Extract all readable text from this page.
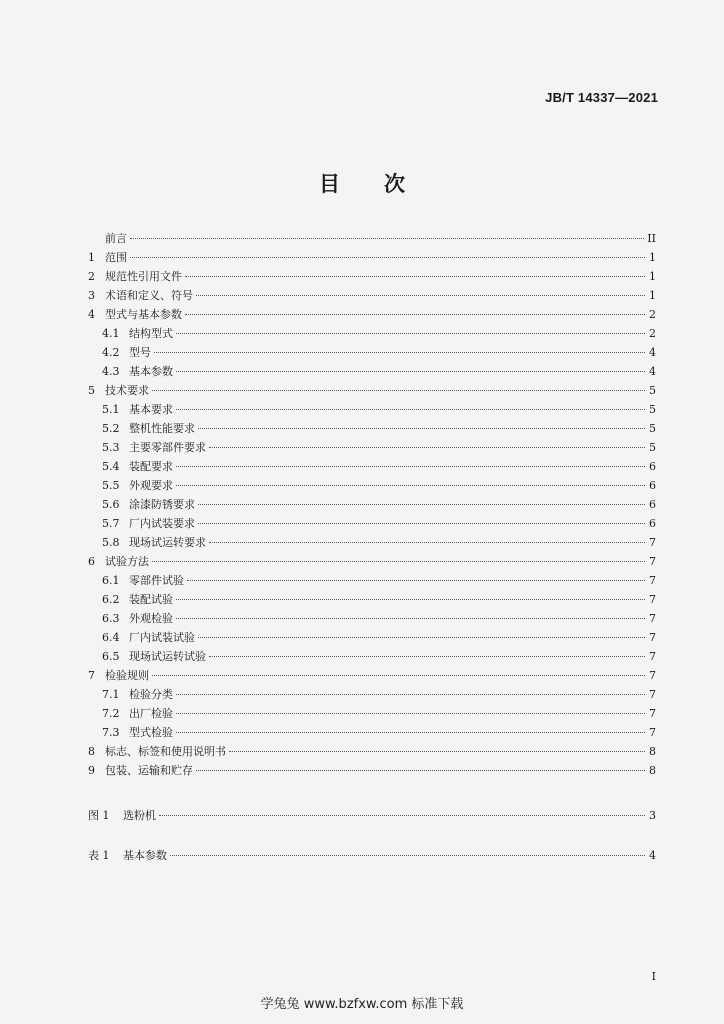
JB/T 14337—2021
目次
前言	II
1 范围	1
2 规范性引用文件	1
3 术语和定义、符号	1
4 型式与基本参数	2
4.1 结构型式	2
4.2 型号	4
4.3 基本参数	4
5 技术要求	5
5.1 基本要求	5
5.2 整机性能要求	5
5.3 主要零部件要求	5
5.4 装配要求	6
5.5 外观要求	6
5.6 涂漆防锈要求	6
5.7 厂内试装要求	6
5.8 现场试运转要求	7
6 试验方法	7
6.1 零部件试验	7
6.2 装配试验	7
6.3 外观检验	7
6.4 厂内试装试验	7
6.5 现场试运转试验	7
7 检验规则	7
7.1 检验分类	7
7.2 出厂检验	7
7.3 型式检验	7
8 标志、标签和使用说明书	8
9 包装、运输和贮存	8
图 1	选粉机	3
表 1	基本参数	4
I
学兔兔 www.bzfxw.com 标准下载
